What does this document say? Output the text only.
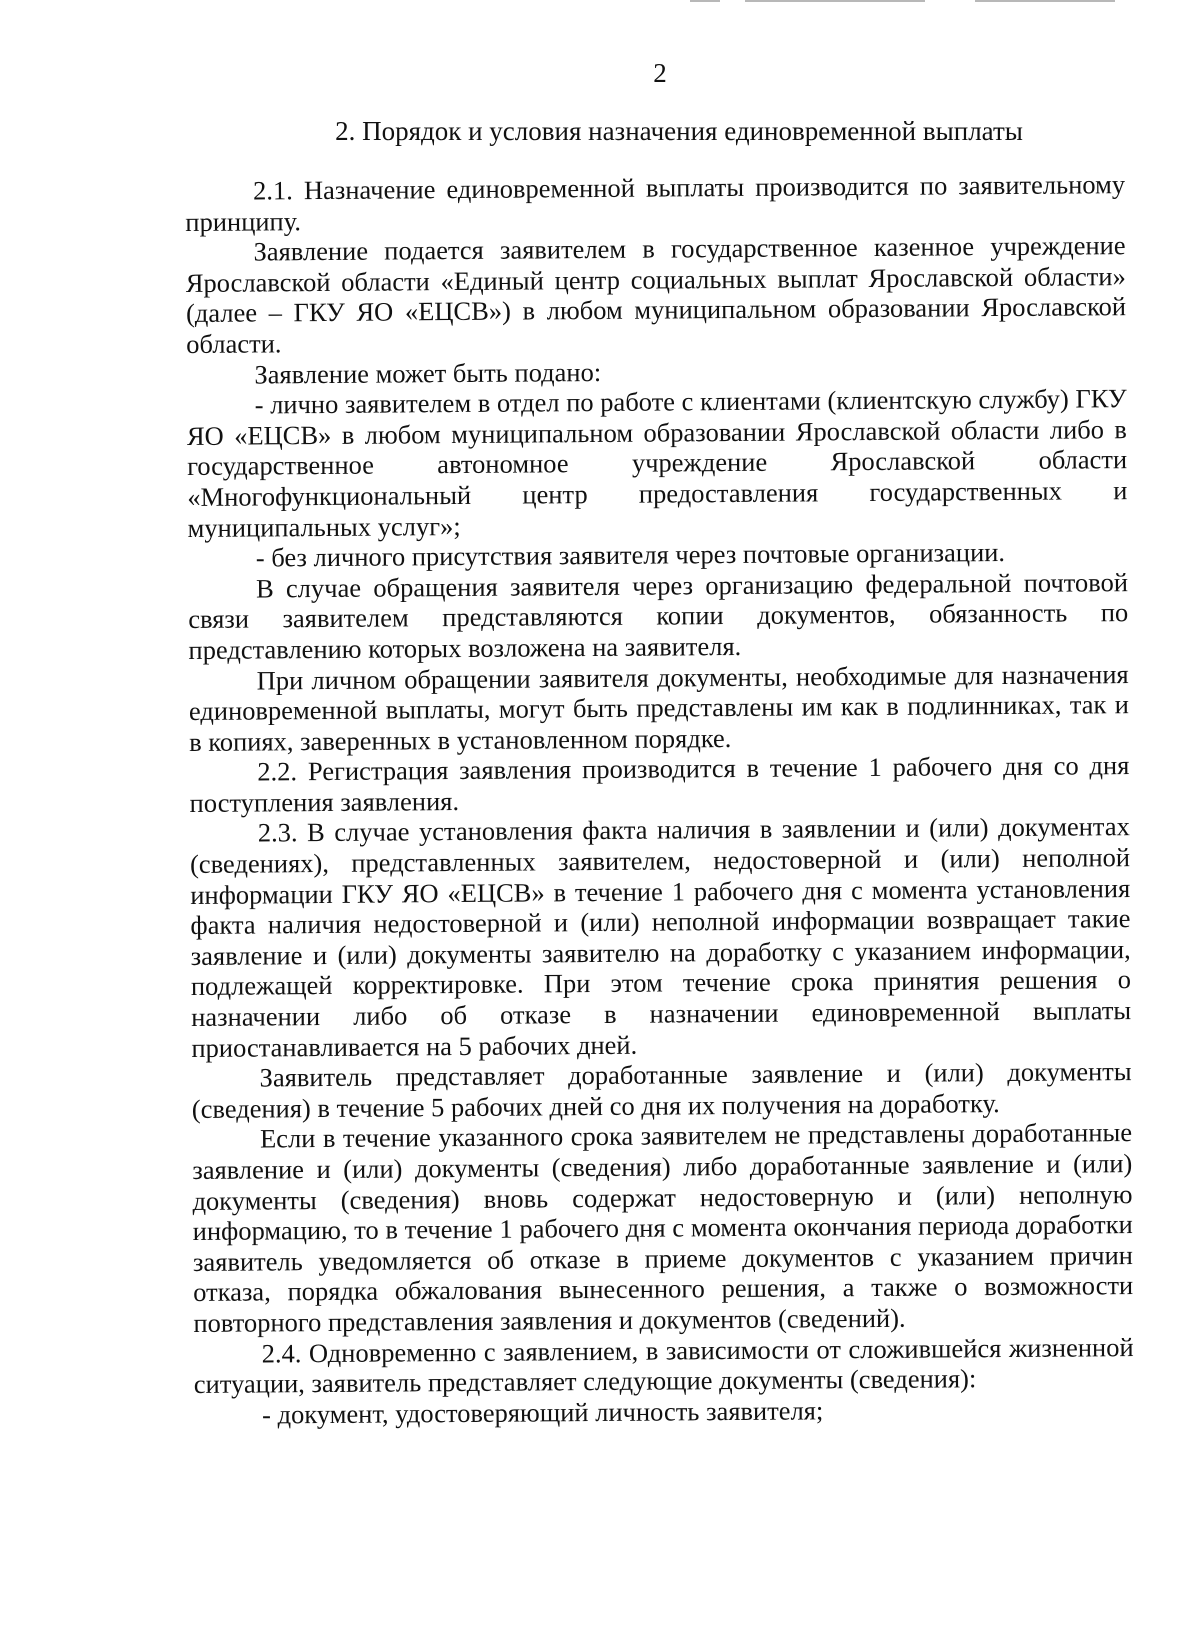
2
2. Порядок и условия назначения единовременной выплаты

2.1. Назначение единовременной выплаты производится по заявительному принципу.

Заявление подается заявителем в государственное казенное учреждение Ярославской области «Единый центр социальных выплат Ярославской области» (далее – ГКУ ЯО «ЕЦСВ») в любом муниципальном образовании Ярославской области.

Заявление может быть подано:

- лично заявителем в отдел по работе с клиентами (клиентскую службу) ГКУ ЯО «ЕЦСВ» в любом муниципальном образовании Ярославской области либо в государственное автономное учреждение Ярославской области «Многофункциональный центр предоставления государственных и муниципальных услуг»;

- без личного присутствия заявителя через почтовые организации.

В случае обращения заявителя через организацию федеральной почтовой связи заявителем представляются копии документов, обязанность по представлению которых возложена на заявителя.

При личном обращении заявителя документы, необходимые для назначения единовременной выплаты, могут быть представлены им как в подлинниках, так и в копиях, заверенных в установленном порядке.

2.2. Регистрация заявления производится в течение 1 рабочего дня со дня поступления заявления.

2.3. В случае установления факта наличия в заявлении и (или) документах (сведениях), представленных заявителем, недостоверной и (или) неполной информации ГКУ ЯО «ЕЦСВ» в течение 1 рабочего дня с момента установления факта наличия недостоверной и (или) неполной информации возвращает такие заявление и (или) документы заявителю на доработку с указанием информации, подлежащей корректировке. При этом течение срока принятия решения о назначении либо об отказе в назначении единовременной выплаты приостанавливается на 5 рабочих дней.

Заявитель представляет доработанные заявление и (или) документы (сведения) в течение 5 рабочих дней со дня их получения на доработку.

Если в течение указанного срока заявителем не представлены доработанные заявление и (или) документы (сведения) либо доработанные заявление и (или) документы (сведения) вновь содержат недостоверную и (или) неполную информацию, то в течение 1 рабочего дня с момента окончания периода доработки заявитель уведомляется об отказе в приеме документов с указанием причин отказа, порядка обжалования вынесенного решения, а также о возможности повторного представления заявления и документов (сведений).

2.4. Одновременно с заявлением, в зависимости от сложившейся жизненной ситуации, заявитель представляет следующие документы (сведения):

- документ, удостоверяющий личность заявителя;
